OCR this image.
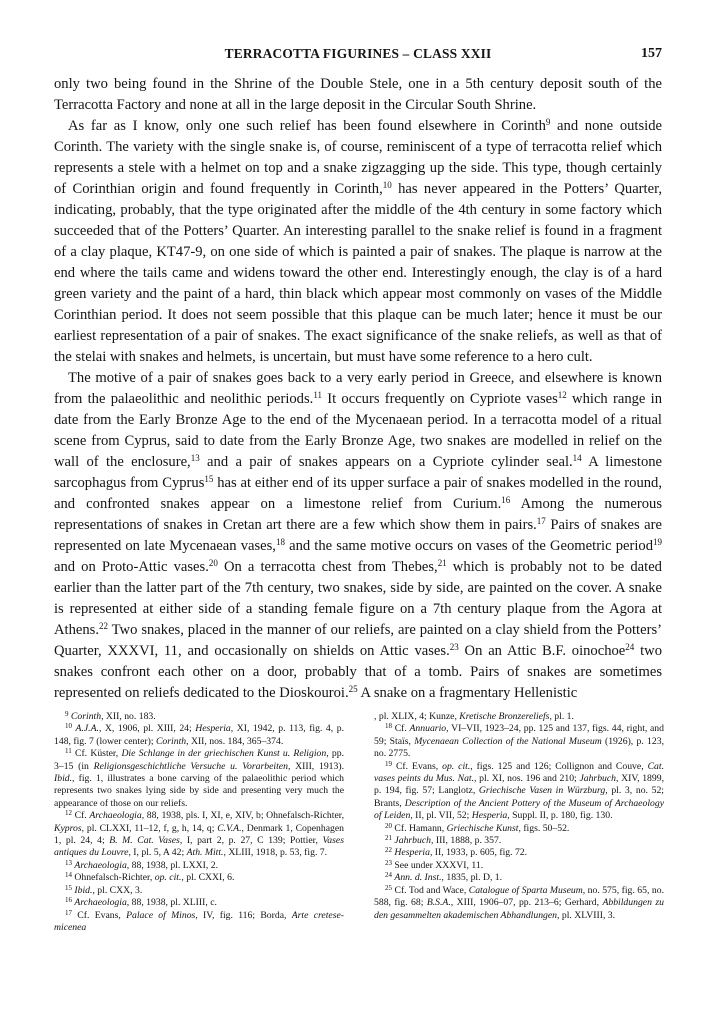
TERRACOTTA FIGURINES – CLASS XXII	157

only two being found in the Shrine of the Double Stele, one in a 5th century deposit south of the Terracotta Factory and none at all in the large deposit in the Circular South Shrine.

As far as I know, only one such relief has been found elsewhere in Corinth$^9$ and none outside Corinth. The variety with the single snake is, of course, reminiscent of a type of terracotta relief which represents a stele with a helmet on top and a snake zigzagging up the side. This type, though certainly of Corinthian origin and found frequently in Corinth,$^{10}$ has never appeared in the Potters’ Quarter, indicating, probably, that the type originated after the middle of the 4th century in some factory which succeeded that of the Potters’ Quarter. An interesting parallel to the snake relief is found in a fragment of a clay plaque, KT47-9, on one side of which is painted a pair of snakes. The plaque is narrow at the end where the tails came and widens toward the other end. Interestingly enough, the clay is of a hard green variety and the paint of a hard, thin black which appear most commonly on vases of the Middle Corinthian period. It does not seem possible that this plaque can be much later; hence it must be our earliest representation of a pair of snakes. The exact significance of the snake reliefs, as well as that of the stelai with snakes and helmets, is uncertain, but must have some reference to a hero cult.

The motive of a pair of snakes goes back to a very early period in Greece, and elsewhere is known from the palaeolithic and neolithic periods.$^{11}$ It occurs frequently on Cypriote vases$^{12}$ which range in date from the Early Bronze Age to the end of the Mycenaean period. In a terracotta model of a ritual scene from Cyprus, said to date from the Early Bronze Age, two snakes are modelled in relief on the wall of the enclosure,$^{13}$ and a pair of snakes appears on a Cypriote cylinder seal.$^{14}$ A limestone sarcophagus from Cyprus$^{15}$ has at either end of its upper surface a pair of snakes modelled in the round, and confronted snakes appear on a limestone relief from Curium.$^{16}$ Among the numerous representations of snakes in Cretan art there are a few which show them in pairs.$^{17}$ Pairs of snakes are represented on late Mycenaean vases,$^{18}$ and the same motive occurs on vases of the Geometric period$^{19}$ and on Proto-Attic vases.$^{20}$ On a terracotta chest from Thebes,$^{21}$ which is probably not to be dated earlier than the latter part of the 7th century, two snakes, side by side, are painted on the cover. A snake is represented at either side of a standing female figure on a 7th century plaque from the Agora at Athens.$^{22}$ Two snakes, placed in the manner of our reliefs, are painted on a clay shield from the Potters’ Quarter, XXXVI, 11, and occasionally on shields on Attic vases.$^{23}$ On an Attic B.F. oinochoe$^{24}$ two snakes confront each other on a door, probably that of a tomb. Pairs of snakes are sometimes represented on reliefs dedicated to the Dioskouroi.$^{25}$ A snake on a fragmentary Hellenistic

$^9$ Corinth, XII, no. 183.

$^{10}$ A.J.A., X, 1906, pl. XIII, 24; Hesperia, XI, 1942, p. 113, fig. 4, p. 148, fig. 7 (lower center); Corinth, XII, nos. 184, 365–374.

$^{11}$ Cf. Küster, Die Schlange in der griechischen Kunst u. Religion, pp. 3–15 (in Religionsgeschichtliche Versuche u. Vorarbeiten, XIII, 1913). Ibid., fig. 1, illustrates a bone carving of the palaeolithic period which represents two snakes lying side by side and presenting very much the appearance of those on our reliefs.

$^{12}$ Cf. Archaeologia, 88, 1938, pls. I, XI, e, XIV, b; Ohnefalsch-Richter, Kypros, pl. CLXXI, 11–12, f, g, h, 14, q; C.V.A., Denmark 1, Copenhagen 1, pl. 24, 4; B. M. Cat. Vases, I, part 2, p. 27, C 139; Pottier, Vases antiques du Louvre, I, pl. 5, A 42; Ath. Mitt., XLIII, 1918, p. 53, fig. 7.

$^{13}$ Archaeologia, 88, 1938, pl. LXXI, 2.

$^{14}$ Ohnefalsch-Richter, op. cit., pl. CXXI, 6.

$^{15}$ Ibid., pl. CXX, 3.

$^{16}$ Archaeologia, 88, 1938, pl. XLIII, c.

$^{17}$ Cf. Evans, Palace of Minos, IV, fig. 116; Borda, Arte cretese-micenea

, pl. XLIX, 4; Kunze, Kretische Bronzereliefs, pl. 1.

$^{18}$ Cf. Annuario, VI–VII, 1923–24, pp. 125 and 137, figs. 44, right, and 59; Staïs, Mycenaean Collection of the National Museum (1926), p. 123, no. 2775.

$^{19}$ Cf. Evans, op. cit., figs. 125 and 126; Collignon and Couve, Cat. vases peints du Mus. Nat., pl. XI, nos. 196 and 210; Jahrbuch, XIV, 1899, p. 194, fig. 57; Langlotz, Griechische Vasen in Würzburg, pl. 3, no. 52; Brants, Description of the Ancient Pottery of the Museum of Archaeology of Leiden, II, pl. VII, 52; Hesperia, Suppl. II, p. 180, fig. 130.

$^{20}$ Cf. Hamann, Griechische Kunst, figs. 50–52.

$^{21}$ Jahrbuch, III, 1888, p. 357.

$^{22}$ Hesperia, II, 1933, p. 605, fig. 72.

$^{23}$ See under XXXVI, 11.

$^{24}$ Ann. d. Inst., 1835, pl. D, 1.

$^{25}$ Cf. Tod and Wace, Catalogue of Sparta Museum, no. 575, fig. 65, no. 588, fig. 68; B.S.A., XIII, 1906–07, pp. 213–6; Gerhard, Abbildungen zu den gesammelten akademischen Abhandlungen, pl. XLVIII, 3.
